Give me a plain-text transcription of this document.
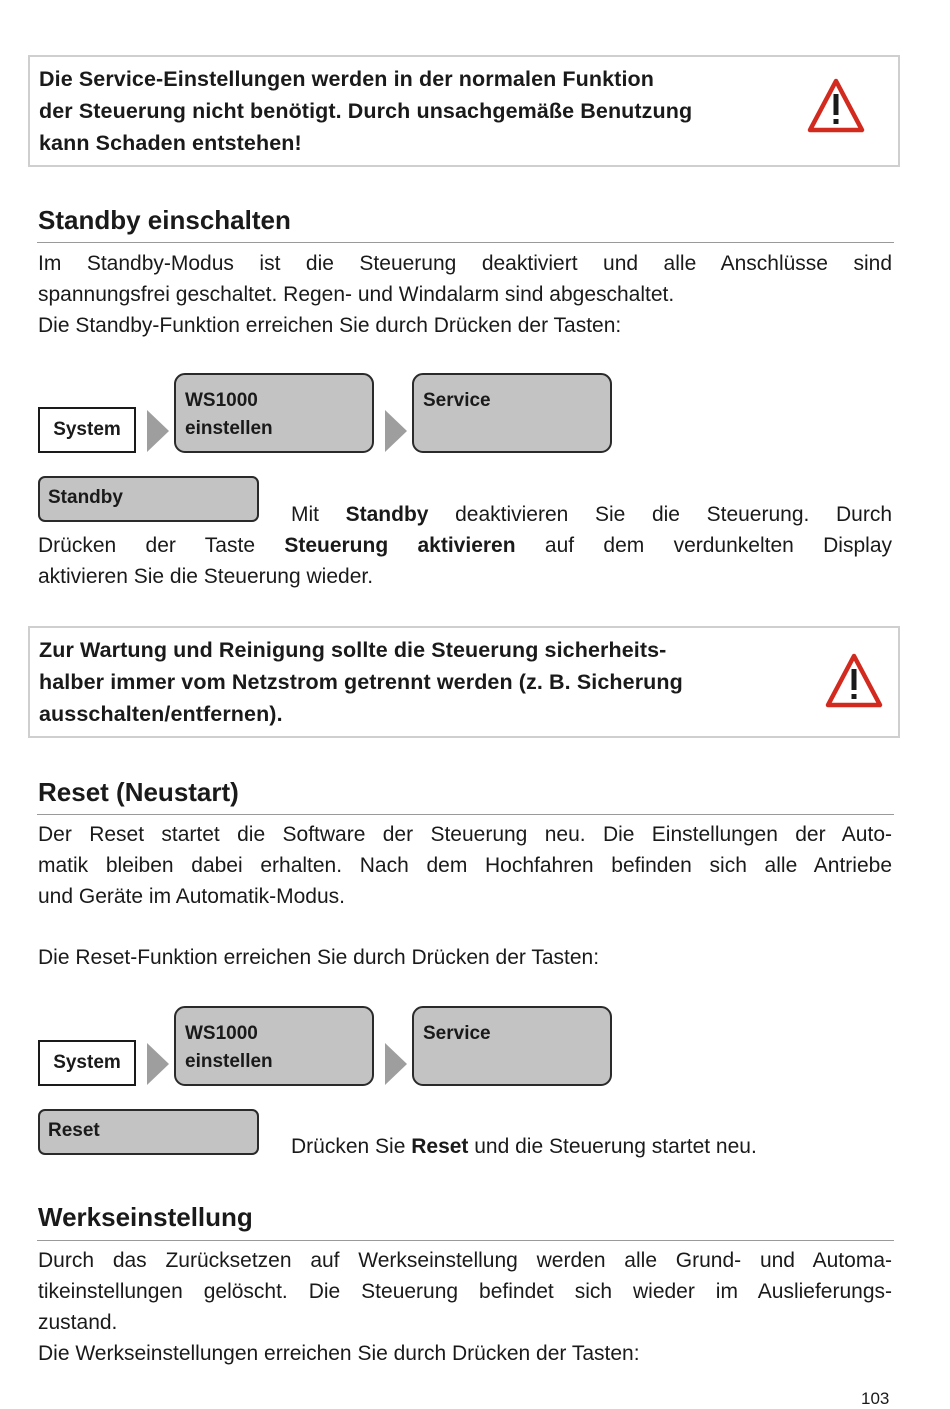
Die Service-Einstellungen werden in der normalen Funktion
der Steuerung nicht benötigt. Durch unsachgemäße Benutzung
kann Schaden entstehen!
Standby einschalten
Im Standby-Modus ist die Steuerung deaktiviert und alle Anschlüsse sind
spannungsfrei geschaltet. Regen- und Windalarm sind abgeschaltet.
Die Standby-Funktion erreichen Sie durch Drücken der Tasten:
System
WS1000
einstellen
Service
Standby
Mit Standby deaktivieren Sie die Steuerung. Durch
Drücken der Taste Steuerung aktivieren auf dem verdunkelten Display
aktivieren Sie die Steuerung wieder.
Zur Wartung und Reinigung sollte die Steuerung sicherheits-
halber immer vom Netzstrom getrennt werden (z. B. Sicherung
ausschalten/entfernen).
Reset (Neustart)
Der Reset startet die Software der Steuerung neu. Die Einstellungen der Auto-
matik bleiben dabei erhalten. Nach dem Hochfahren befinden sich alle Antriebe
und Geräte im Automatik-Modus.
Die Reset-Funktion erreichen Sie durch Drücken der Tasten:
System
WS1000
einstellen
Service
Reset
Drücken Sie Reset und die Steuerung startet neu.
Werkseinstellung
Durch das Zurücksetzen auf Werkseinstellung werden alle Grund- und Automa-
tikeinstellungen gelöscht. Die Steuerung befindet sich wieder im Auslieferungs-
zustand.
Die Werkseinstellungen erreichen Sie durch Drücken der Tasten:
103
